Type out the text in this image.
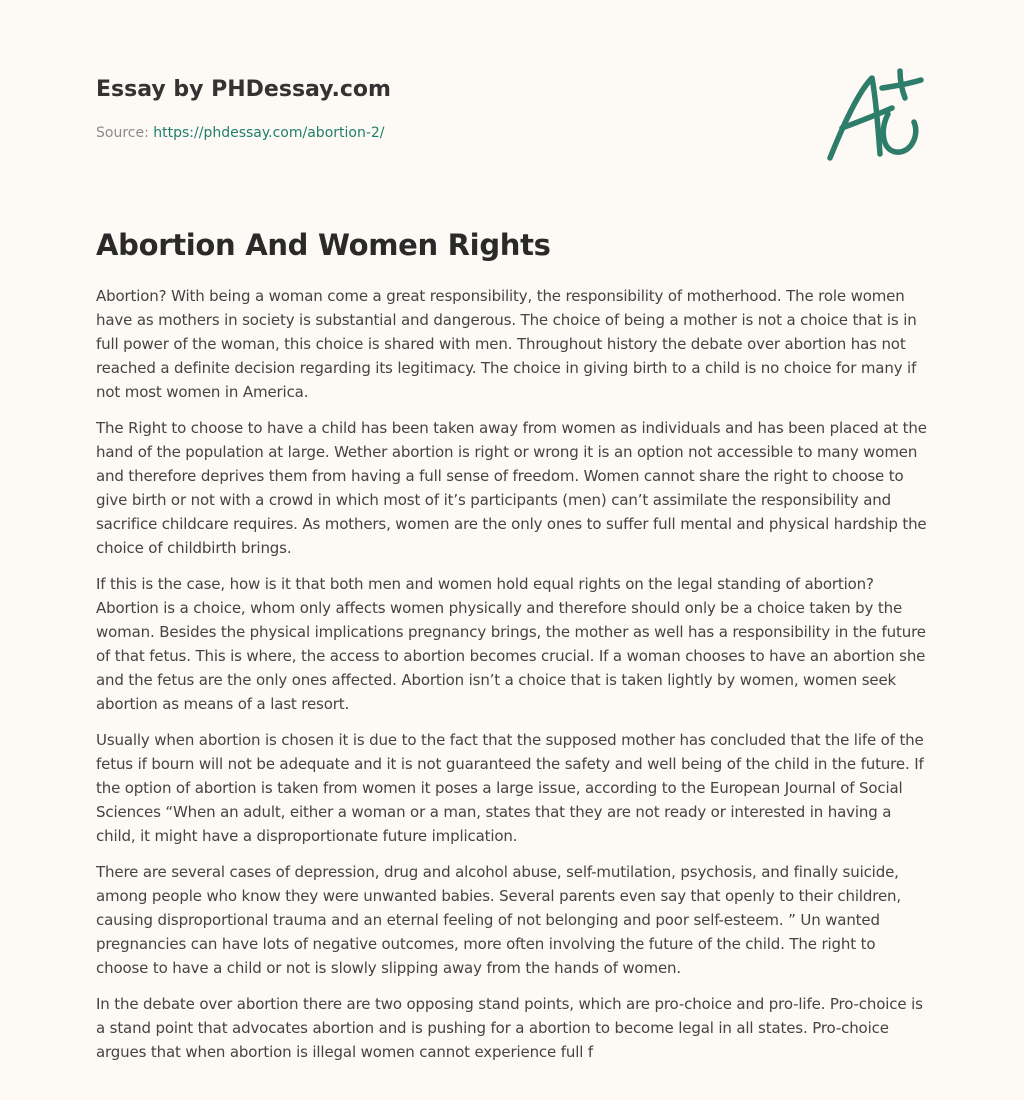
Essay by PHDessay.com
Source: https://phdessay.com/abortion-2/
Abortion And Women Rights

Abortion? With being a woman come a great responsibility, the responsibility of motherhood. The role women have as mothers in society is substantial and dangerous. The choice of being a mother is not a choice that is in full power of the woman, this choice is shared with men. Throughout history the debate over abortion has not reached a definite decision regarding its legitimacy. The choice in giving birth to a child is no choice for many if not most women in America.

The Right to choose to have a child has been taken away from women as individuals and has been placed at the hand of the population at large. Wether abortion is right or wrong it is an option not accessible to many women and therefore deprives them from having a full sense of freedom. Women cannot share the right to choose to give birth or not with a crowd in which most of it’s participants (men) can’t assimilate the responsibility and sacrifice childcare requires. As mothers, women are the only ones to suffer full mental and physical hardship the choice of childbirth brings.

If this is the case, how is it that both men and women hold equal rights on the legal standing of abortion? Abortion is a choice, whom only affects women physically and therefore should only be a choice taken by the woman. Besides the physical implications pregnancy brings, the mother as well has a responsibility in the future of that fetus. This is where, the access to abortion becomes crucial. If a woman chooses to have an abortion she and the fetus are the only ones affected. Abortion isn’t a choice that is taken lightly by women, women seek abortion as means of a last resort.

Usually when abortion is chosen it is due to the fact that the supposed mother has concluded that the life of the fetus if bourn will not be adequate and it is not guaranteed the safety and well being of the child in the future. If the option of abortion is taken from women it poses a large issue, according to the European Journal of Social Sciences “When an adult, either a woman or a man, states that they are not ready or interested in having a child, it might have a disproportionate future implication.

There are several cases of depression, drug and alcohol abuse, self-mutilation, psychosis, and finally suicide, among people who know they were unwanted babies. Several parents even say that openly to their children, causing disproportional trauma and an eternal feeling of not belonging and poor self-esteem. ” Un wanted pregnancies can have lots of negative outcomes, more often involving the future of the child. The right to choose to have a child or not is slowly slipping away from the hands of women.

In the debate over abortion there are two opposing stand points, which are pro-choice and pro-life. Pro-choice is a stand point that advocates abortion and is pushing for a abortion to become legal in all states. Pro-choice argues that when abortion is illegal women cannot experience full f
